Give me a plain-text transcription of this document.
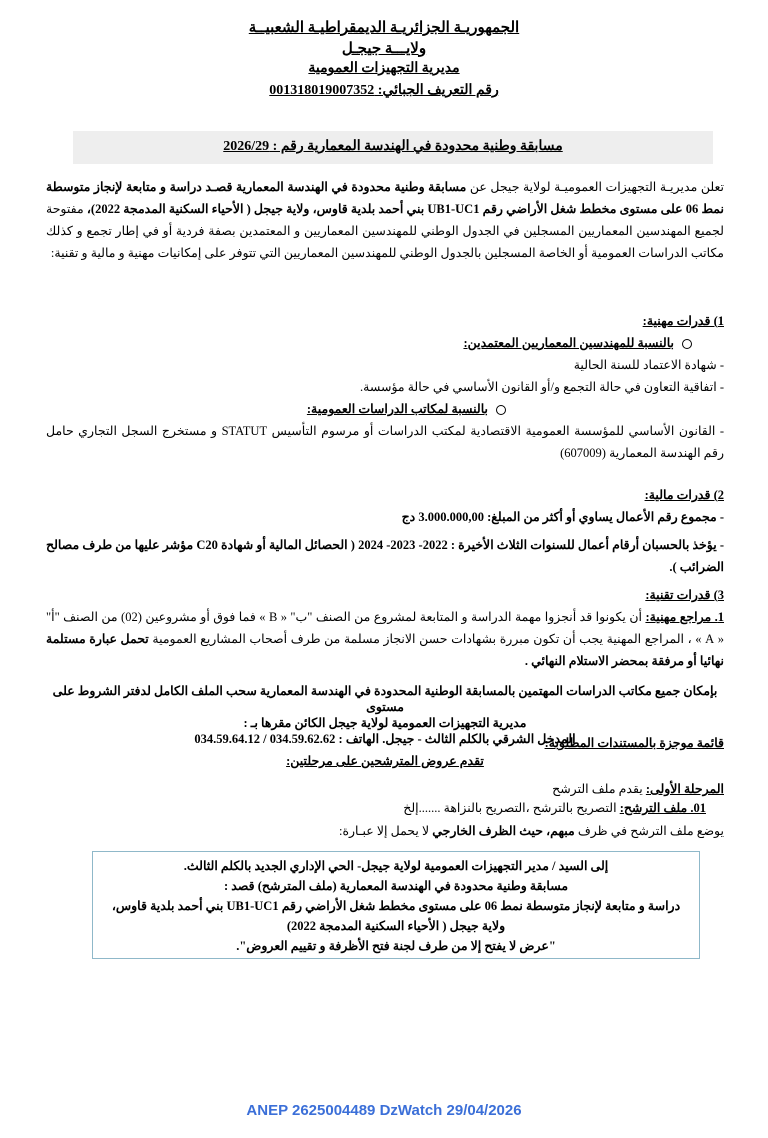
الجمهوريـة الجزائريـة الديمقراطيـة الشعبيــة
ولايـــة جيجـل
مديرية التجهيزات العمومية
رقم التعريف الجبائي: 001318019007352
مسابقة وطنية محدودة في الهندسة المعمارية رقم : 2026/29
تعلن مديريـة التجهيزات العموميـة لولاية جيجل عن مسابقة وطنية محدودة في الهندسة المعمارية قصـد دراسة و متابعة لإنجاز متوسطة نمط 06 على مستوى مخطط شغل الأراضي رقم UB1-UC1 بني أحمد بلدية قاوس، ولاية جيجل ( الأحياء السكنية المدمجة 2022)، مفتوحة لجميع المهندسين المعماريين المسجلين في الجدول الوطني للمهندسين المعماريين و المعتمدين بصفة فردية أو في إطار تجمع و كذلك مكاتب الدراسات العمومية أو الخاصة المسجلين بالجدول الوطني للمهندسين المعماريين التي تتوفر على إمكانيات مهنية و مالية و تقنية:
1) قدرات مهنية:
بالنسبة للمهندسين المعماريين المعتمدين:
- شهادة الاعتماد للسنة الحالية
- اتفاقية التعاون في حالة التجمع و/أو القانون الأساسي في حالة مؤسسة.
بالنسبة لمكاتب الدراسات العمومية:
- القانون الأساسي للمؤسسة العمومية الاقتصادية لمكتب الدراسات أو مرسوم التأسيس STATUT و مستخرج السجل التجاري حامل رقم الهندسة المعمارية (607009)
2) قدرات مالية:
- مجموع رقم الأعمال يساوي أو أكثر من المبلغ: 3.000.000,00 دج
- يؤخذ بالحسبان أرقام أعمال للسنوات الثلاث الأخيرة : 2022- 2023- 2024 ( الحصائل المالية أو شهادة C20 مؤشر عليها من طرف مصالح الضرائب ).
3) قدرات تقنية:
1. مراجع مهنية: أن يكونوا قد أنجزوا مهمة الدراسة و المتابعة لمشروع من الصنف "ب" « B » فما فوق أو مشروعين (02) من الصنف "أ" « A » ، المراجع المهنية يجب أن تكون مبررة بشهادات حسن الانجاز مسلمة من طرف أصحاب المشاريع العمومية تحمل عبارة مستلمة نهائيا أو مرفقة بمحضر الاستلام النهائي .
بإمكان جميع مكاتب الدراسات المهتمين بالمسابقة الوطنية المحدودة في الهندسة المعمارية سحب الملف الكامل لدفتر الشروط على مستوى
مديرية التجهيزات العمومية لولاية جيجل الكائن مقرها بـ :
المدخل الشرقي بالكلم الثالث - جيجل. الهاتف : 034.59.62.62 / 034.59.64.12
قائمة موجزة بالمستندات المطلوبة:
تقدم عروض المترشحين على مرحلتين:
المرحلة الأولى: يقدم ملف الترشح
01. ملف الترشح: التصريح بالترشح ،التصريح بالنزاهة .......إلخ
يوضع ملف الترشح في ظرف مبهم، حيث الظرف الخارجي لا يحمل إلا عبـارة:
إلى السيد / مدير التجهيزات العمومية لولاية جيجل- الحي الإداري الجديد بالكلم الثالث.
مسابقة وطنية محدودة في الهندسة المعمارية (ملف المترشح) قصد :
دراسة و متابعة لإنجاز متوسطة نمط 06 على مستوى مخطط شغل الأراضي رقم UB1-UC1 بني أحمد بلدية قاوس،
ولاية جيجل ( الأحياء السكنية المدمجة 2022)
"عرض لا يفتح إلا من طرف لجنة فتح الأظرفة و تقييم العروض".
ANEP 2625004489 DzWatch 29/04/2026
